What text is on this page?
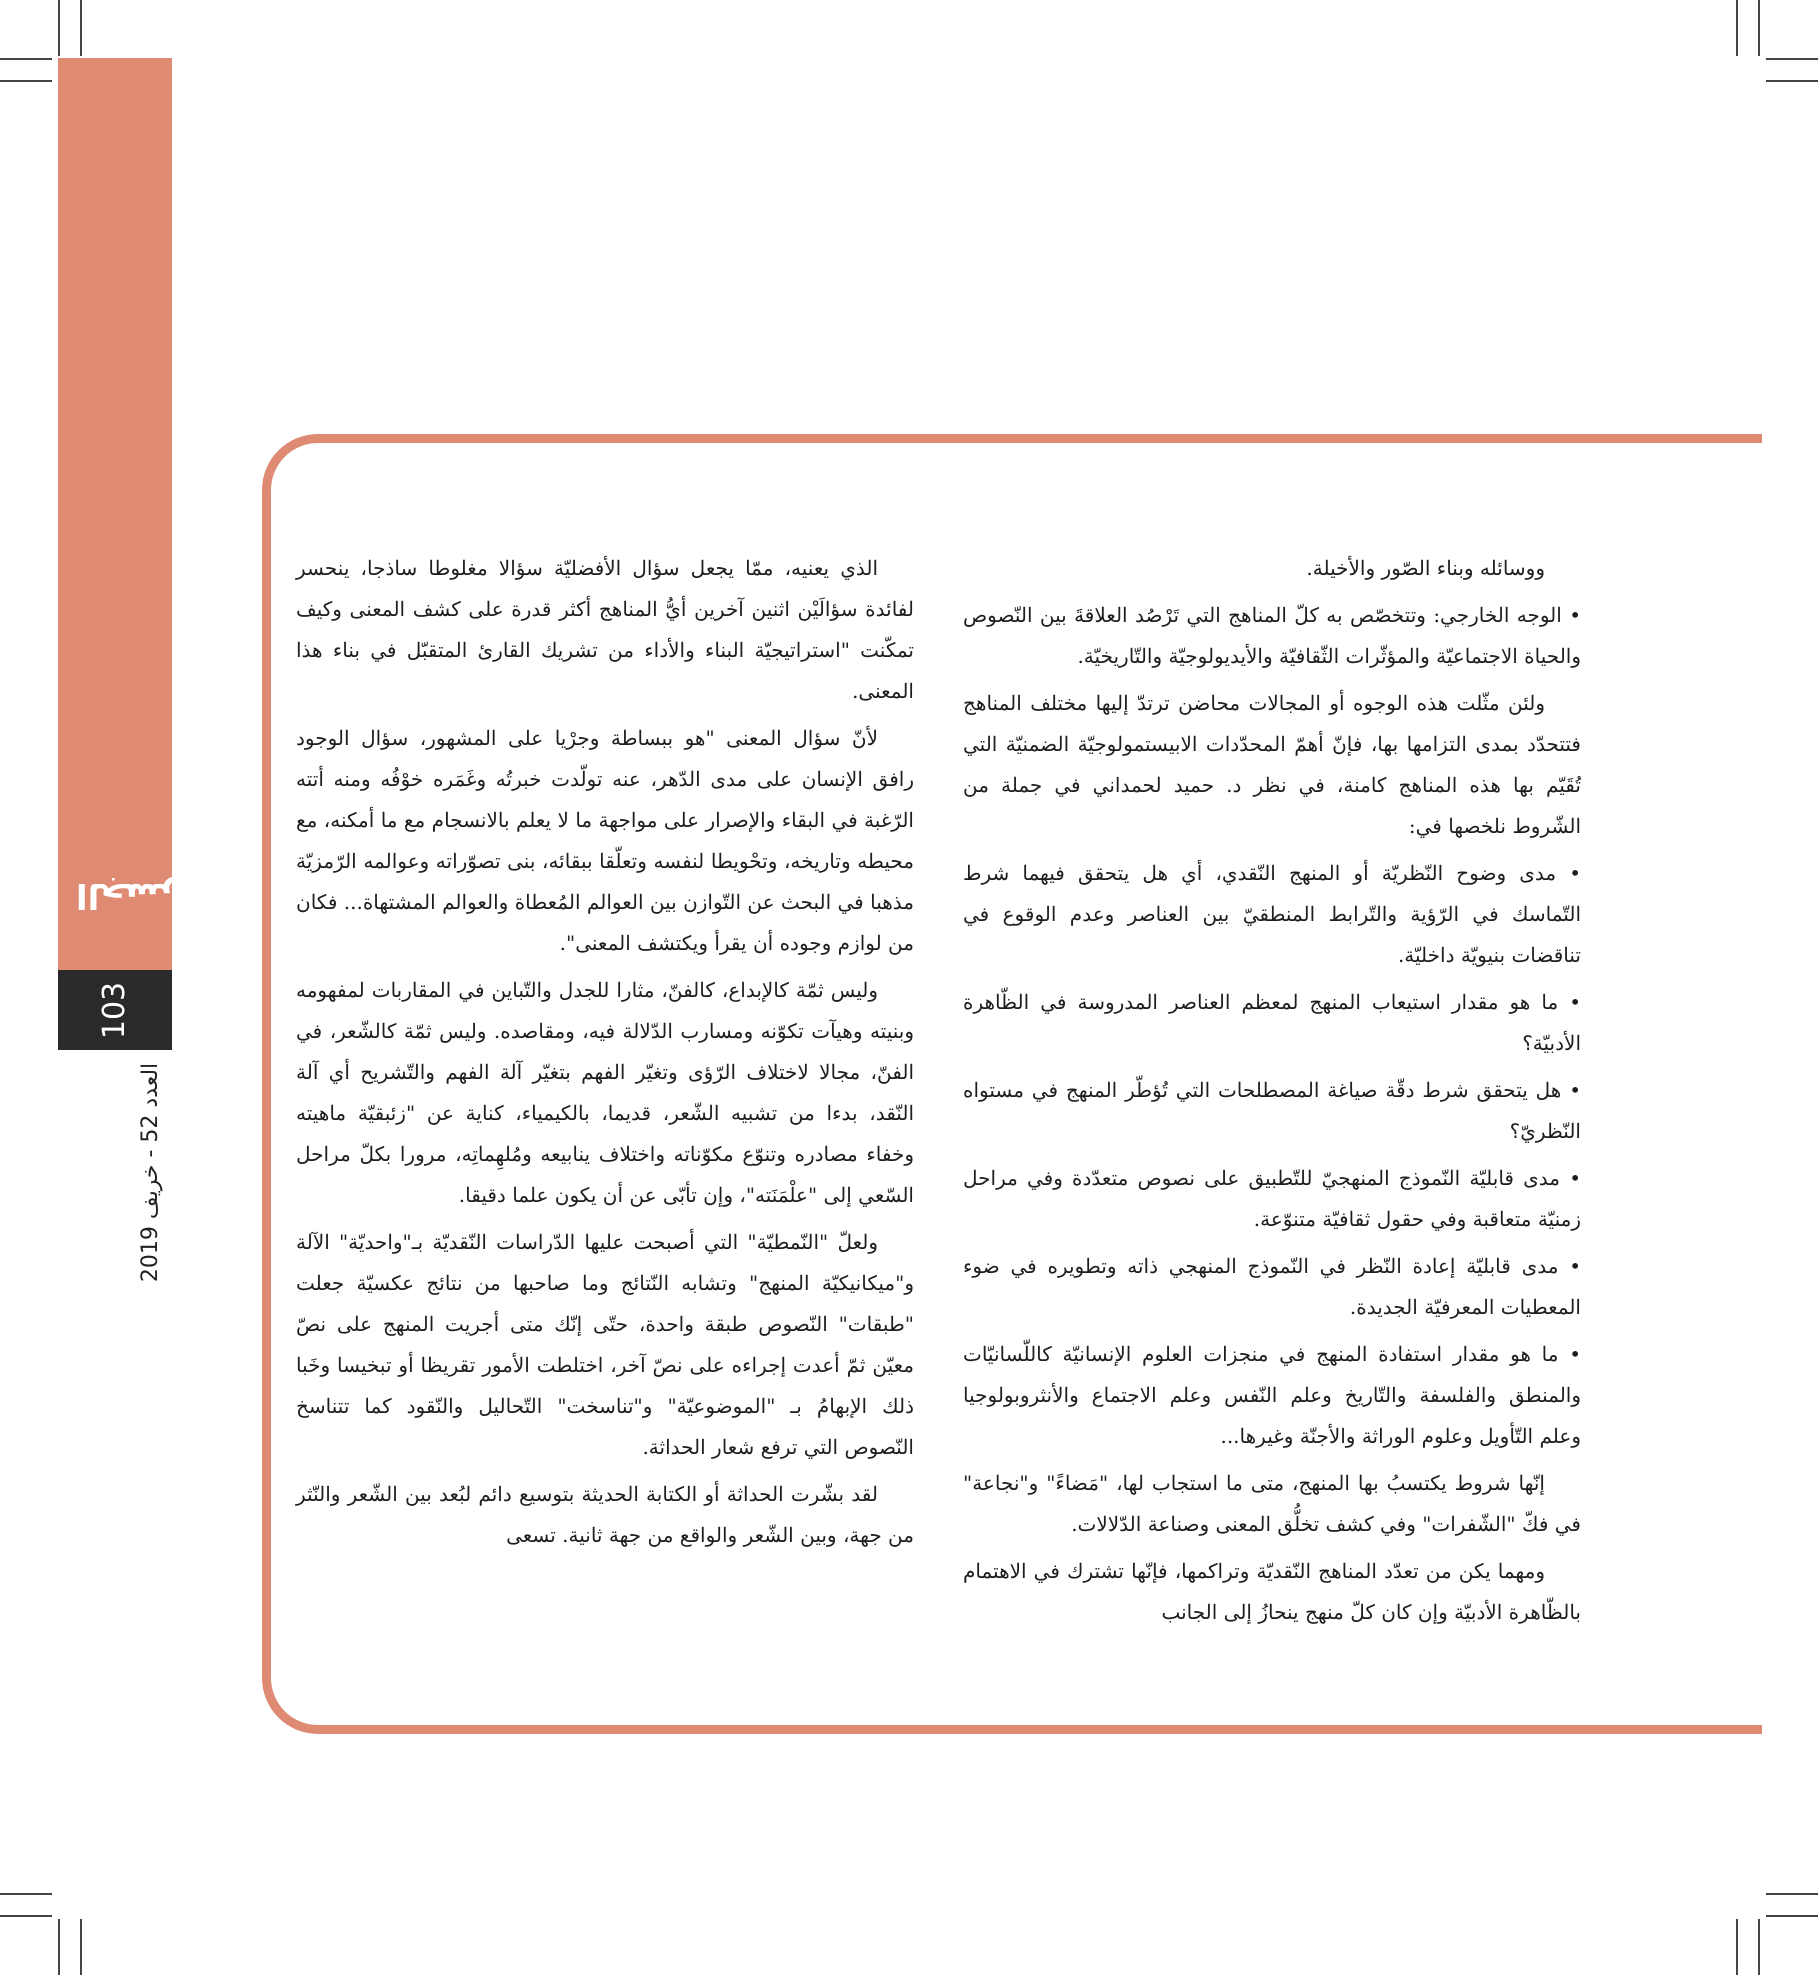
103
الجسرة ✱
العدد 52 - خريف 2019

ووسائله وبناء الصّور والأخيلة.

• الوجه الخارجي: وتتخصّص به كلّ المناهج التي تَرْصُد العلاقةَ بين النّصوص والحياة الاجتماعيّة والمؤثّرات الثّقافيّة والأيديولوجيّة والتّاريخيّة.

ولئن مثّلت هذه الوجوه أو المجالات محاضن ترتدّ إليها مختلف المناهج فتتحدّد بمدى التزامها بها، فإنّ أهمّ المحدّدات الابيستمولوجيّة الضمنيّة التي تُقَيّم بها هذه المناهج كامنة، في نظر د. حميد لحمداني في جملة من الشّروط نلخصها في:

• مدى وضوح النّظريّة أو المنهج النّقدي، أي هل يتحقق فيهما شرط التّماسك في الرّؤية والتّرابط المنطقيّ بين العناصر وعدم الوقوع في تناقضات بنيويّة داخليّة.

• ما هو مقدار استيعاب المنهج لمعظم العناصر المدروسة في الظّاهرة الأدبيّة؟

• هل يتحقق شرط دقّة صياغة المصطلحات التي تُؤطّر المنهج في مستواه النّظريّ؟

• مدى قابليّة النّموذج المنهجيّ للتّطبيق على نصوص متعدّدة وفي مراحل زمنيّة متعاقبة وفي حقول ثقافيّة متنوّعة.

• مدى قابليّة إعادة النّظر في النّموذج المنهجي ذاته وتطويره في ضوء المعطيات المعرفيّة الجديدة.

• ما هو مقدار استفادة المنهج في منجزات العلوم الإنسانيّة كاللّسانيّات والمنطق والفلسفة والتّاريخ وعلم النّفس وعلم الاجتماع والأنثروبولوجيا وعلم التّأويل وعلوم الوراثة والأجنّة وغيرها...

إنّها شروط يكتسبُ بها المنهج، متى ما استجاب لها، "مَضاءً" و"نجاعة" في فكّ "الشّفرات" وفي كشف تخلُّق المعنى وصناعة الدّلالات.

ومهما يكن من تعدّد المناهج النّقديّة وتراكمها، فإنّها تشترك في الاهتمام بالظّاهرة الأدبيّة وإن كان كلّ منهج ينحازُ إلى الجانب

الذي يعنيه، ممّا يجعل سؤال الأفضليّة سؤالا مغلوطا ساذجا، ينحسر لفائدة سؤالَيْن اثنين آخرين أيُّ المناهج أكثر قدرة على كشف المعنى وكيف تمكّنت "استراتيجيّة البناء والأداء من تشريك القارئ المتقبّل في بناء هذا المعنى.

لأنّ سؤال المعنى "هو ببساطة وجرْيا على المشهور، سؤال الوجود رافق الإنسان على مدى الدّهر، عنه تولّدت خبرتُه وغَمَره خوْفُه ومنه أتته الرّغبة في البقاء والإصرار على مواجهة ما لا يعلم بالانسجام مع ما أمكنه، مع محيطه وتاريخه، وتحْويطا لنفسه وتعلّقا ببقائه، بنى تصوّراته وعوالمه الرّمزيّة مذهبا في البحث عن التّوازن بين العوالم المُعطاة والعوالم المشتهاة... فكان من لوازم وجوده أن يقرأ ويكتشف المعنى".

وليس ثمّة كالإبداع، كالفنّ، مثارا للجدل والتّباين في المقاربات لمفهومه وبنيته وهيآت تكوّنه ومسارب الدّلالة فيه، ومقاصده. وليس ثمّة كالشّعر، في الفنّ، مجالا لاختلاف الرّؤى وتغيّر الفهم بتغيّر آلة الفهم والتّشريح أي آلة النّقد، بدءا من تشبيه الشّعر، قديما، بالكيمياء، كناية عن "زئبقيّة ماهيته وخفاء مصادره وتنوّع مكوّناته واختلاف ينابيعه ومُلهِماتِه، مرورا بكلّ مراحل السّعي إلى "علْمَنَته"، وإن تأبّى عن أن يكون علما دقيقا.

ولعلّ "النّمطيّة" التي أصبحت عليها الدّراسات النّقديّة بـ"واحديّة" الآلة و"ميكانيكيّة المنهج" وتشابه النّتائج وما صاحبها من نتائج عكسيّة جعلت "طبقات" النّصوص طبقة واحدة، حتّى إنّك متى أجريت المنهج على نصّ معيّن ثمّ أعدت إجراءه على نصّ آخر، اختلطت الأمور تقريظا أو تبخيسا وخَبا ذلك الإبهامُ بـ "الموضوعيّة" و"تناسخت" التّحاليل والنّقود كما تتناسخ النّصوص التي ترفع شعار الحداثة.

لقد بشّرت الحداثة أو الكتابة الحديثة بتوسيع دائم لبُعد بين الشّعر والنّثر من جهة، وبين الشّعر والواقع من جهة ثانية. تسعى
